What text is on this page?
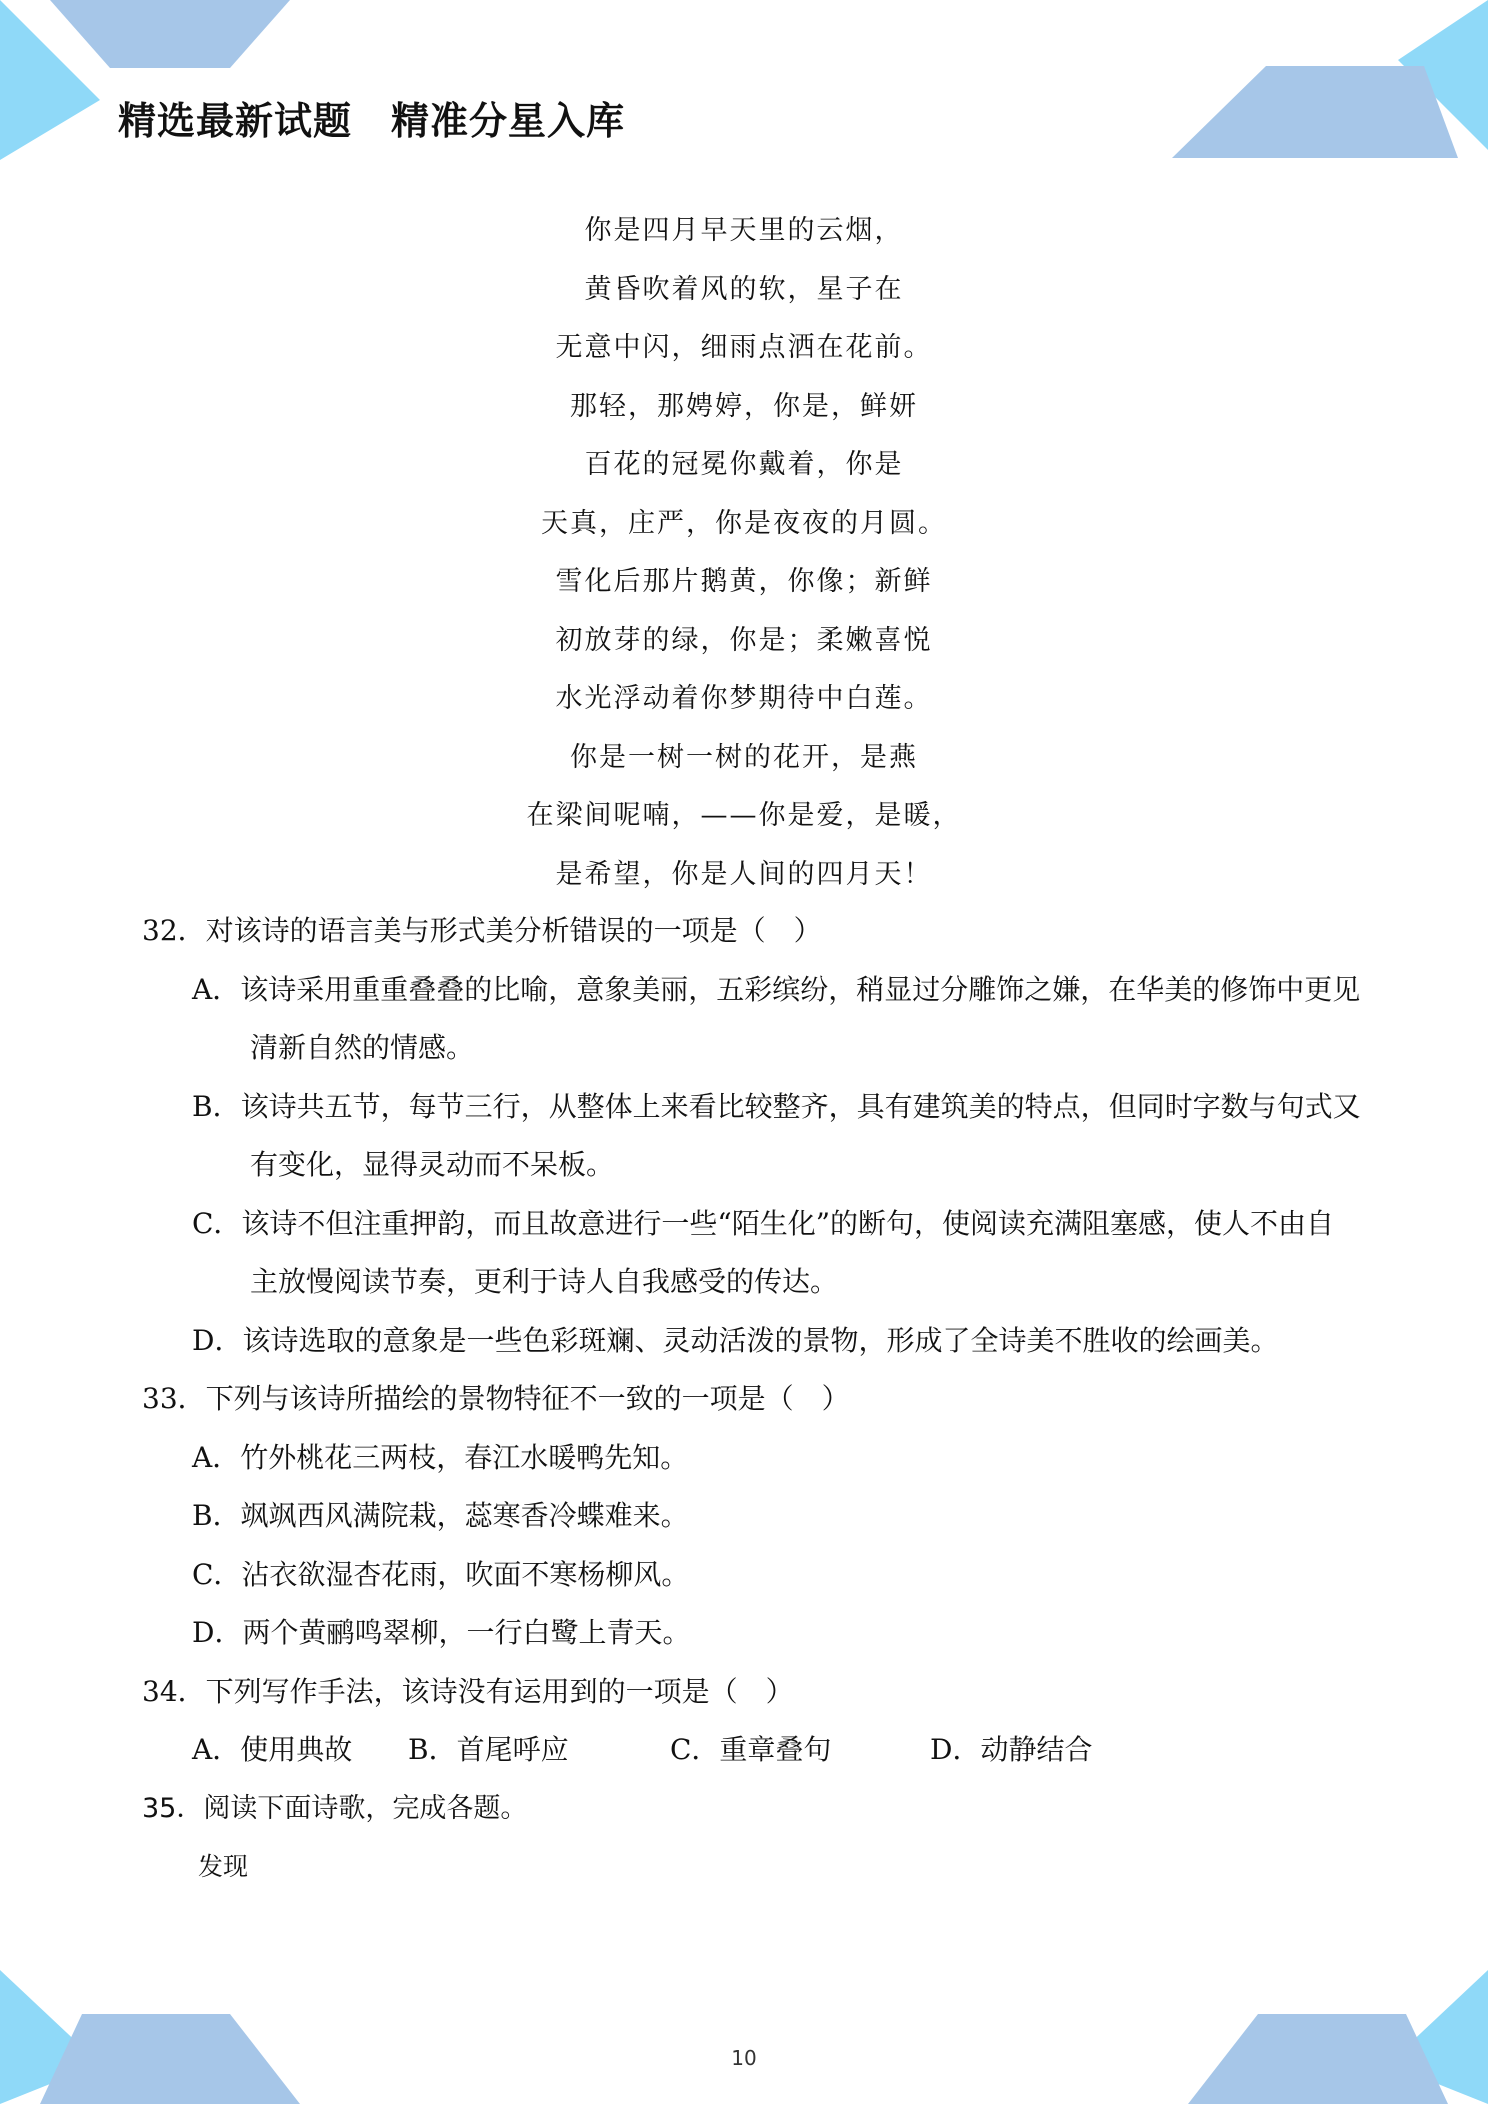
精选最新试题　精准分星入库
你是四月早天里的云烟，
黄昏吹着风的软，星子在
无意中闪，细雨点洒在花前。
那轻，那娉婷，你是，鲜妍
百花的冠冕你戴着，你是
天真，庄严，你是夜夜的月圆。
雪化后那片鹅黄，你像；新鲜
初放芽的绿，你是；柔嫩喜悦
水光浮动着你梦期待中白莲。
你是一树一树的花开，是燕
在梁间呢喃，——你是爱，是暖，
是希望，你是人间的四月天！

32．对该诗的语言美与形式美分析错误的一项是（　）

A．该诗采用重重叠叠的比喻，意象美丽，五彩缤纷，稍显过分雕饰之嫌，在华美的修饰中更见清新自然的情感。

B．该诗共五节，每节三行，从整体上来看比较整齐，具有建筑美的特点，但同时字数与句式又有变化，显得灵动而不呆板。

C．该诗不但注重押韵，而且故意进行一些“陌生化”的断句，使阅读充满阻塞感，使人不由自主放慢阅读节奏，更利于诗人自我感受的传达。

D．该诗选取的意象是一些色彩斑斓、灵动活泼的景物，形成了全诗美不胜收的绘画美。

33．下列与该诗所描绘的景物特征不一致的一项是（　）

A．竹外桃花三两枝，春江水暖鸭先知。

B．飒飒西风满院栽，蕊寒香冷蝶难来。

C．沾衣欲湿杏花雨，吹面不寒杨柳风。

D．两个黄鹂鸣翠柳，一行白鹭上青天。

34．下列写作手法，该诗没有运用到的一项是（　）

A．使用典故	B．首尾呼应	C．重章叠句	D．动静结合

35．阅读下面诗歌，完成各题。

发现
10
